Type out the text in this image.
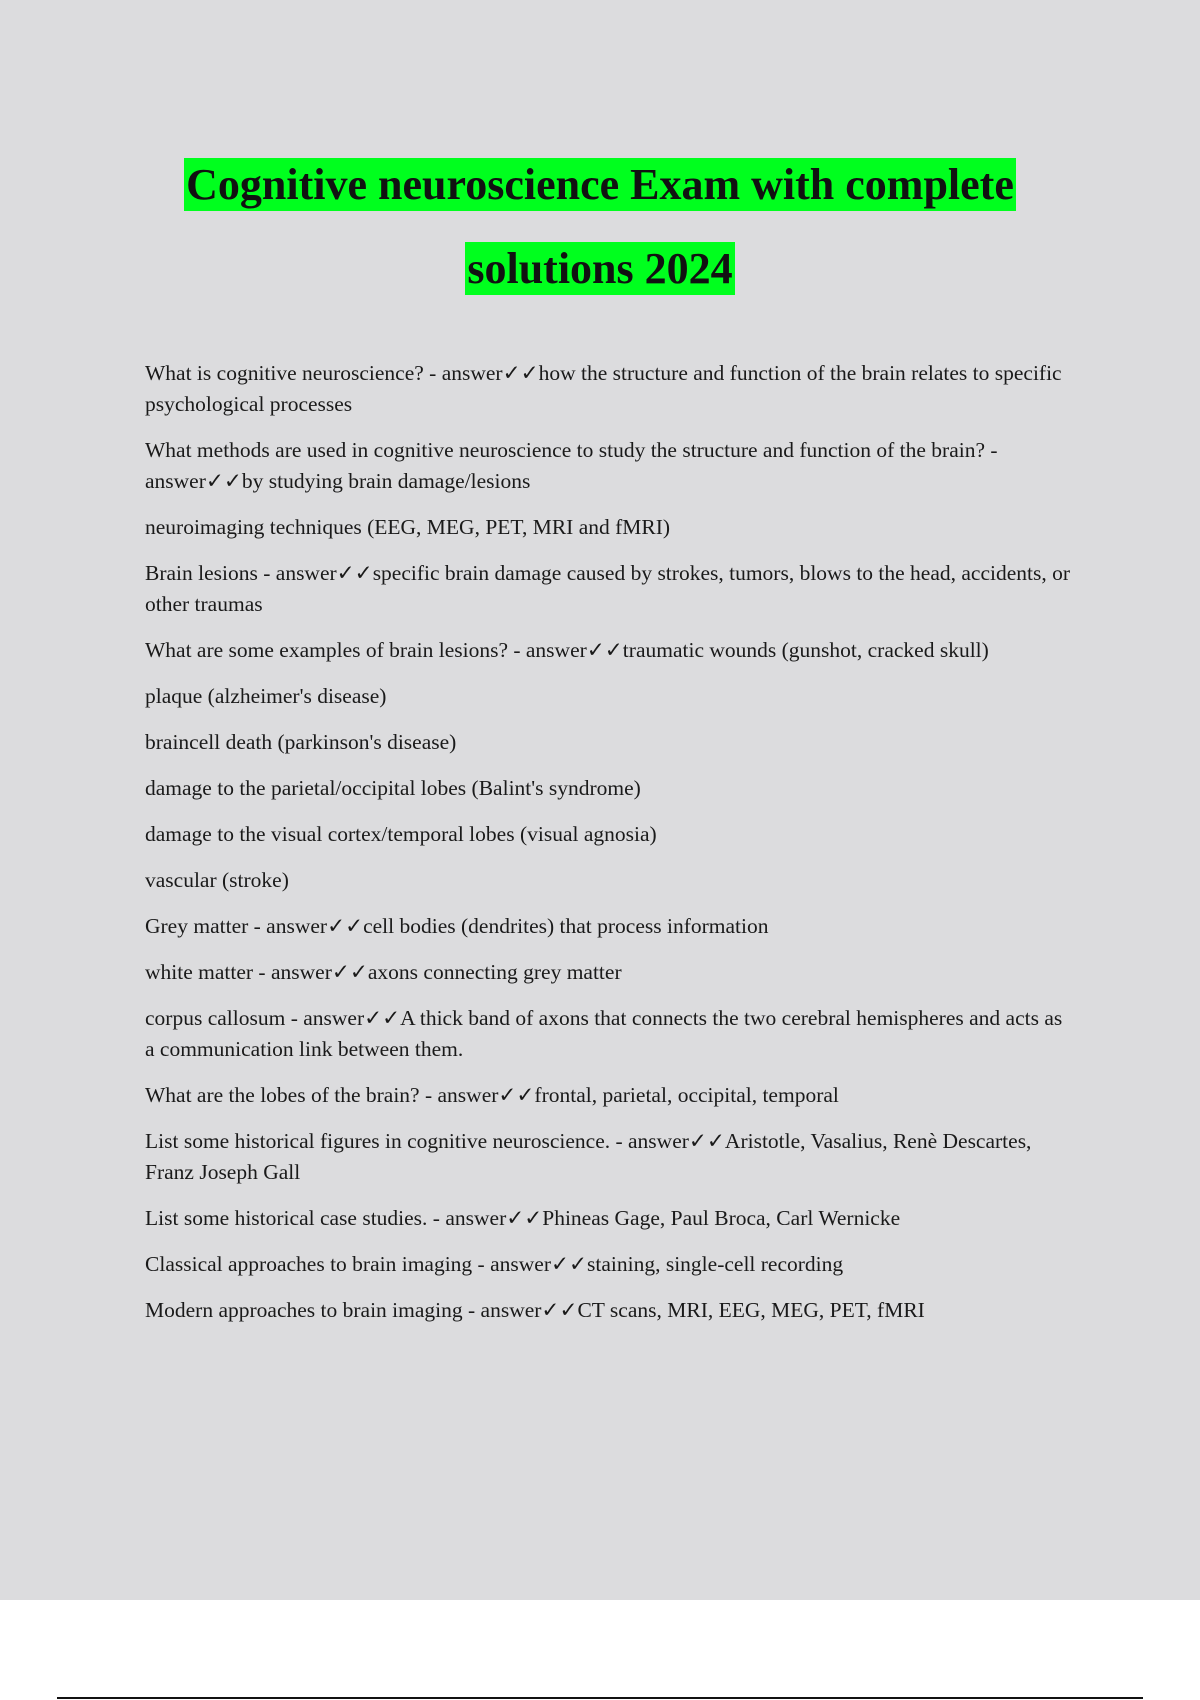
Cognitive neuroscience Exam with complete
solutions 2024

What is cognitive neuroscience? - answer✓✓how the structure and function of the brain relates to specific psychological processes

What methods are used in cognitive neuroscience to study the structure and function of the brain? - answer✓✓by studying brain damage/lesions

neuroimaging techniques (EEG, MEG, PET, MRI and fMRI)

Brain lesions - answer✓✓specific brain damage caused by strokes, tumors, blows to the head, accidents, or other traumas

What are some examples of brain lesions? - answer✓✓traumatic wounds (gunshot, cracked skull)

plaque (alzheimer's disease)

braincell death (parkinson's disease)

damage to the parietal/occipital lobes (Balint's syndrome)

damage to the visual cortex/temporal lobes (visual agnosia)

vascular (stroke)

Grey matter - answer✓✓cell bodies (dendrites) that process information

white matter - answer✓✓axons connecting grey matter

corpus callosum - answer✓✓A thick band of axons that connects the two cerebral hemispheres and acts as a communication link between them.

What are the lobes of the brain? - answer✓✓frontal, parietal, occipital, temporal

List some historical figures in cognitive neuroscience. - answer✓✓Aristotle, Vasalius, Renè Descartes, Franz Joseph Gall

List some historical case studies. - answer✓✓Phineas Gage, Paul Broca, Carl Wernicke

Classical approaches to brain imaging - answer✓✓staining, single-cell recording

Modern approaches to brain imaging - answer✓✓CT scans, MRI, EEG, MEG, PET, fMRI
